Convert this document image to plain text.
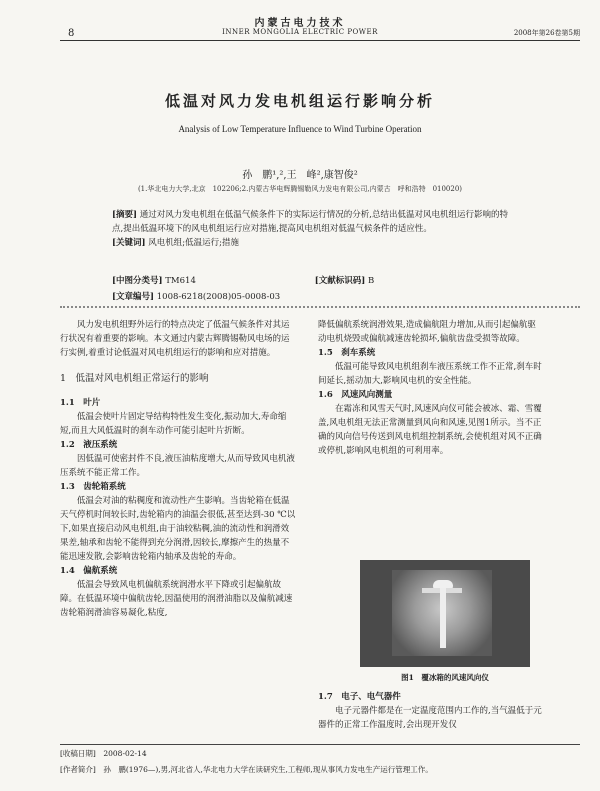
内蒙古电力技术
8	INNER MONGOLIA ELECTRIC POWER	2008年第26卷第5期
低温对风力发电机组运行影响分析
Analysis of Low Temperature Influence to Wind Turbine Operation
孙　鹏¹,²,王　峰²,康智俊²
(1.华北电力大学,北京　102206;2.内蒙古华电辉腾锡勒风力发电有限公司,内蒙古　呼和浩特　010020)
[摘要] 通过对风力发电机组在低温气候条件下的实际运行情况的分析,总结出低温对风电机组运行影响的特点,提出低温环境下的风电机组运行应对措施,提高风电机组对低温气候条件的适应性。
[关键词] 风电机组;低温运行;措施
[中图分类号] TM614	[文献标识码] B
[文章编号] 1008-6218(2008)05-0008-03

风力发电机组野外运行的特点决定了低温气候条件对其运行状况有着重要的影响。本文通过内蒙古辉腾锡勒风电场的运行实例,着重讨论低温对风电机组运行的影响和应对措施。

1　低温对风电机组正常运行的影响
1.1　叶片

低温会使叶片固定导结构特性发生变化,振动加大,寿命缩短,而且大风低温时的刹车动作可能引起叶片折断。

1.2　液压系统

因低温可使密封件不良,液压油粘度增大,从而导致风电机液压系统不能正常工作。

1.3　齿轮箱系统

低温会对油的粘稠度和流动性产生影响。当齿轮箱在低温天气停机时间较长时,齿轮箱内的油温会很低,甚至达到-30 ℃以下,如果直接启动风电机组,由于油较粘稠,油的流动性和润滑效果差,轴承和齿轮不能得到充分润滑,因较长,摩擦产生的热量不能迅速发散,会影响齿轮箱内轴承及齿轮的寿命。

1.4　偏航系统

低温会导致风电机偏航系统润滑水平下降或引起偏航故障。在低温环境中偏航齿轮,因温使用的润滑油脂以及偏航减速齿轮箱润滑油容易凝化,粘度,

降低偏航系统润滑效果,造成偏航阻力增加,从而引起偏航驱动电机烧毁或偏航减速齿轮损坏,偏航齿盘受损等故障。

1.5　刹车系统

低温可能导致风电机组刹车液压系统工作不正常,刹车时间延长,摇动加大,影响风电机的安全性能。

1.6　风速风向测量

在霜冻和风雪天气时,风速风向仪可能会被冰、霜、雪覆盖,风电机组无法正常测量到风向和风速,见图1所示。当不正确的风向信号传送到风电机组控制系统,会使机组对风不正确或停机,影响风电机组的可利用率。

图1　覆冰箱的风速风向仪
1.7　电子、电气器件

电子元器件都是在一定温度范围内工作的,当气温低于元器件的正常工作温度时,会出现开发仅

[收稿日期]　2008-02-14
[作者简介]　孙　鹏(1976—),男,河北省人,华北电力大学在读研究生,工程师,现从事风力发电生产运行管理工作。
